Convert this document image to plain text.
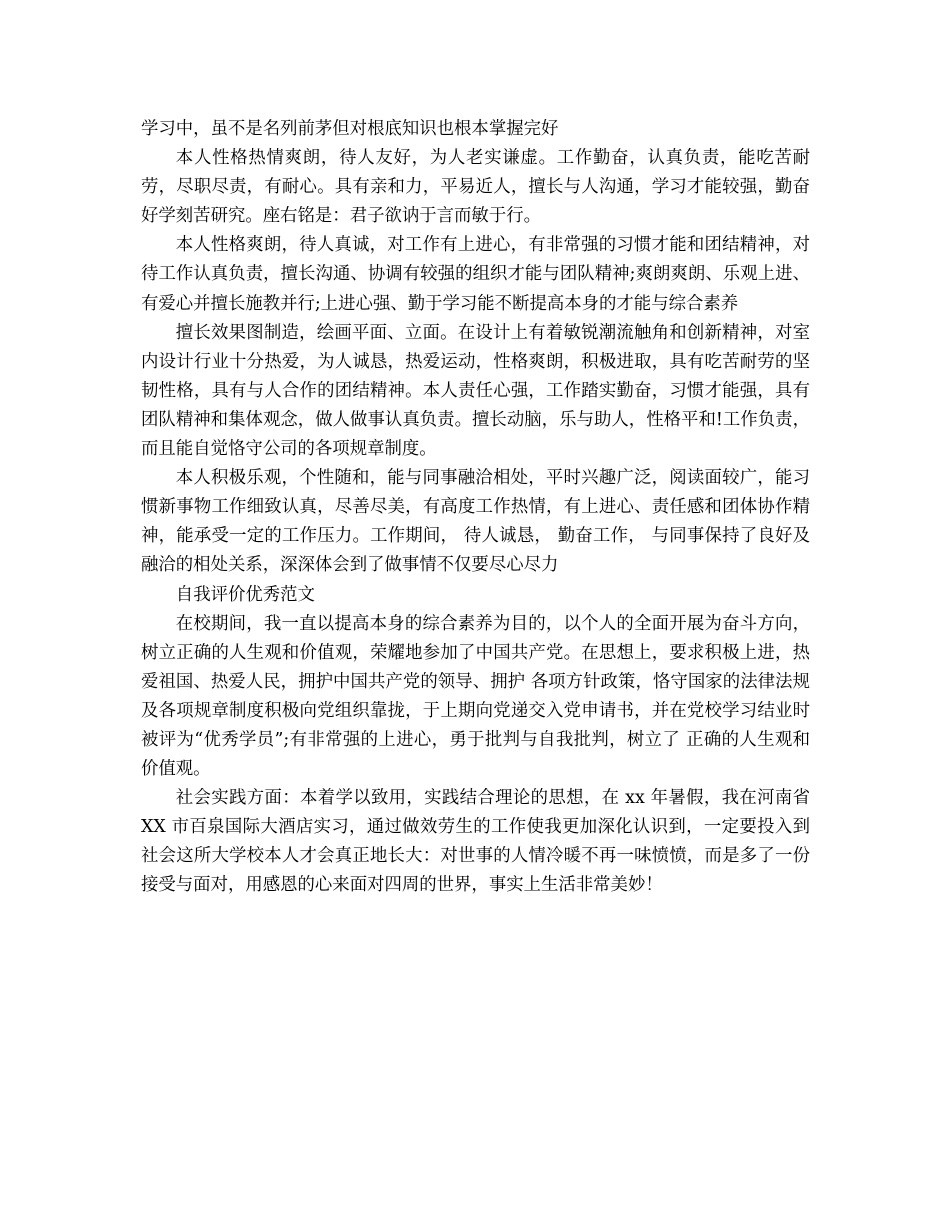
学习中，虽不是名列前茅但对根底知识也根本掌握完好

本人性格热情爽朗，待人友好，为人老实谦虚。工作勤奋，认真负责，能吃苦耐劳，尽职尽责，有耐心。具有亲和力，平易近人，擅长与人沟通，学习才能较强，勤奋好学刻苦研究。座右铭是：君子欲讷于言而敏于行。

本人性格爽朗，待人真诚，对工作有上进心，有非常强的习惯才能和团结精神，对待工作认真负责，擅长沟通、协调有较强的组织才能与团队精神;爽朗爽朗、乐观上进、有爱心并擅长施教并行;上进心强、勤于学习能不断提高本身的才能与综合素养

擅长效果图制造，绘画平面、立面。在设计上有着敏锐潮流触角和创新精神，对室内设计行业十分热爱，为人诚恳，热爱运动，性格爽朗，积极进取，具有吃苦耐劳的坚韧性格，具有与人合作的团结精神。本人责任心强，工作踏实勤奋，习惯才能强，具有团队精神和集体观念，做人做事认真负责。擅长动脑，乐与助人，性格平和!工作负责，而且能自觉恪守公司的各项规章制度。

本人积极乐观，个性随和，能与同事融洽相处，平时兴趣广泛，阅读面较广，能习惯新事物工作细致认真，尽善尽美，有高度工作热情，有上进心、责任感和团体协作精神，能承受一定的工作压力。工作期间， 待人诚恳， 勤奋工作， 与同事保持了良好及融洽的相处关系，深深体会到了做事情不仅要尽心尽力

自我评价优秀范文

在校期间，我一直以提高本身的综合素养为目的，以个人的全面开展为奋斗方向，树立正确的人生观和价值观，荣耀地参加了中国共产党。在思想上，要求积极上进，热爱祖国、热爱人民，拥护中国共产党的领导、拥护 各项方针政策，恪守国家的法律法规及各项规章制度积极向党组织靠拢，于上期向党递交入党申请书，并在党校学习结业时被评为“优秀学员”;有非常强的上进心，勇于批判与自我批判，树立了 正确的人生观和价值观。

社会实践方面：本着学以致用，实践结合理论的思想，在 xx 年暑假，我在河南省 XX 市百泉国际大酒店实习，通过做效劳生的工作使我更加深化认识到，一定要投入到社会这所大学校本人才会真正地长大：对世事的人情冷暖不再一味愤愤，而是多了一份接受与面对，用感恩的心来面对四周的世界，事实上生活非常美妙！
